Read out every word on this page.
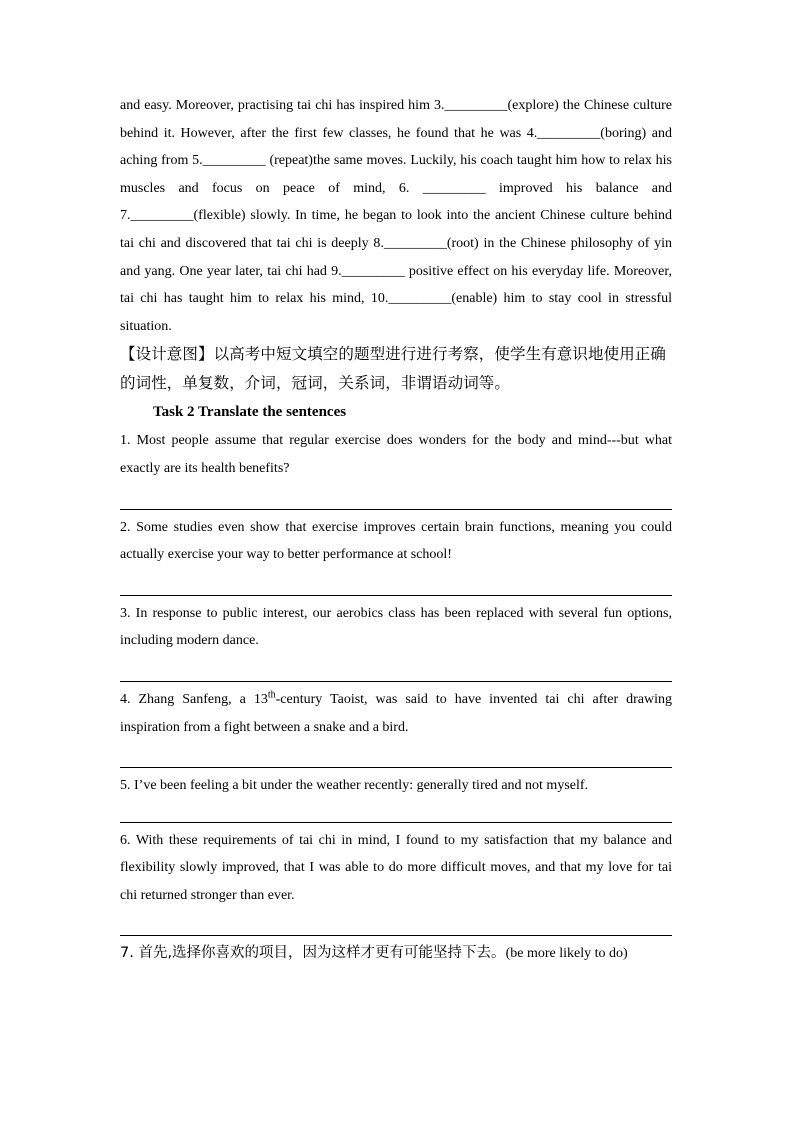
and easy. Moreover, practising tai chi has inspired him 3._________(explore) the Chinese culture behind it. However, after the first few classes, he found that he was 4._________(boring) and aching from 5._________ (repeat)the same moves. Luckily, his coach taught him how to relax his muscles and focus on peace of mind, 6. _________ improved his balance and 7._________(flexible) slowly. In time, he began to look into the ancient Chinese culture behind tai chi and discovered that tai chi is deeply 8._________(root) in the Chinese philosophy of yin and yang. One year later, tai chi had 9._________ positive effect on his everyday life. Moreover, tai chi has taught him to relax his mind, 10._________(enable) him to stay cool in stressful situation.

【设计意图】以高考中短文填空的题型进行进行考察，使学生有意识地使用正确的词性，单复数，介词，冠词，关系词，非谓语动词等。

Task 2 Translate the sentences

1. Most people assume that regular exercise does wonders for the body and mind---but what exactly are its health benefits?

2. Some studies even show that exercise improves certain brain functions, meaning you could actually exercise your way to better performance at school!

3. In response to public interest, our aerobics class has been replaced with several fun options, including modern dance.

4. Zhang Sanfeng, a 13th-century Taoist, was said to have invented tai chi after drawing inspiration from a fight between a snake and a bird.

5. I’ve been feeling a bit under the weather recently: generally tired and not myself.

6. With these requirements of tai chi in mind, I found to my satisfaction that my balance and flexibility slowly improved, that I was able to do more difficult moves, and that my love for tai chi returned stronger than ever.

7. 首先,选择你喜欢的项目，因为这样才更有可能坚持下去。(be more likely to do)
